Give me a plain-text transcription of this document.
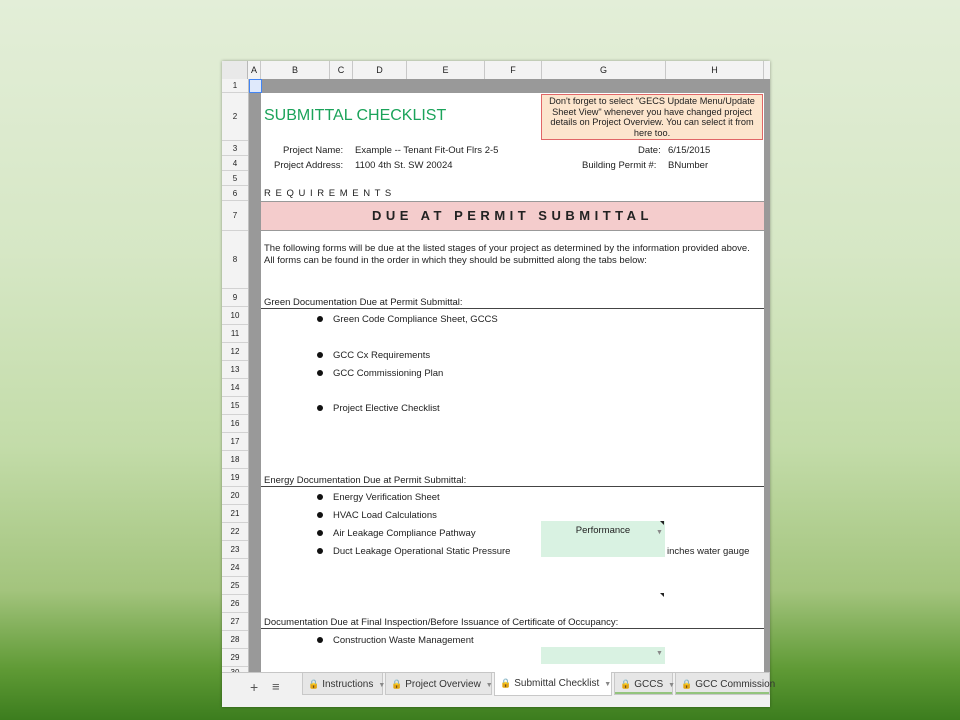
A	B	C	D	E	F	G	H
1
2
3
4
5
6
7
8
9
10
11
12
13
14
15
16
17
18
19
20
21
22
23
24
25
26
27
28
29
SUBMITTAL CHECKLIST
Don't forget to select "GECS Update Menu/Update Sheet View" whenever you have changed project details on Project Overview. You can select it from here too.
Project Name: Example -- Tenant Fit-Out Flrs 2-5
Project Address: 1100 4th St. SW 20024
Date: 6/15/2015
Building Permit #: BNumber
R E Q U I R E M E N T S
DUE AT PERMIT SUBMITTAL
The following forms will be due at the listed stages of your project as determined by the information provided above. All forms can be found in the order in which they should be submitted along the tabs below:
Green Documentation Due at Permit Submittal:
Green Code Compliance Sheet, GCCS
GCC Cx Requirements
GCC Commissioning Plan
Project Elective Checklist
Energy Documentation Due at Permit Submittal:
Energy Verification Sheet
HVAC Load Calculations
Air Leakage Compliance Pathway
Duct Leakage Operational Static Pressure
Performance	▼
inches water gauge
Documentation Due at Final Inspection/Before Issuance of Certificate of Occupancy:
Construction Waste Management
▼
+ ≡	🔒 Instructions ▼ 🔒 Project Overview ▼ 🔒 Submittal Checklist ▼ 🔒 GCCS ▼ 🔒 GCC Commission
